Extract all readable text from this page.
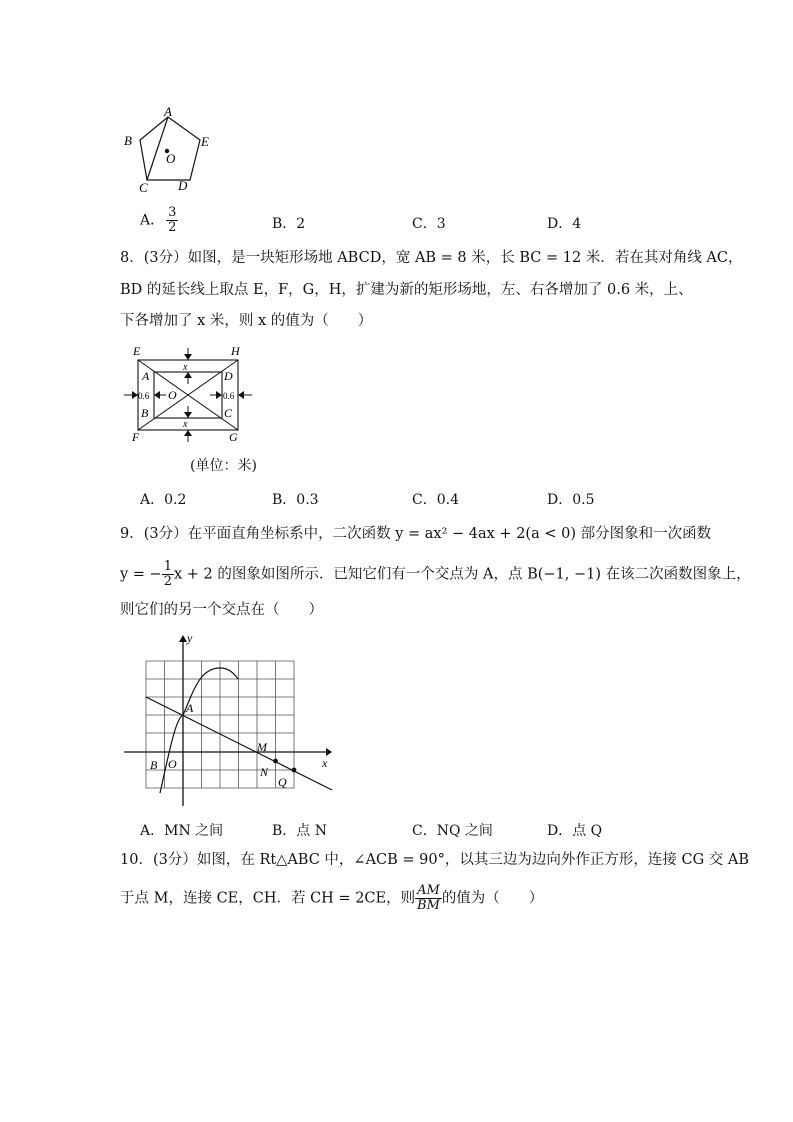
A
B	E
C D
O
A． $\frac{3}{2}$	B．2	C．3	D．4
8．(3分）如图，是一块矩形场地 ABCD，宽 AB = 8 米，长 BC = 12 米．若在其对角线 AC，
BD 的延长线上取点 E，F，G，H，扩建为新的矩形场地，左、右各增加了 0.6 米，上、
下各增加了 x 米，则 x 的值为（　　）
E	H
A	D
B	C
F	G
O
x
x
0.6	0.6
(单位：米)
A．0.2	B．0.3	C．0.4	D．0.5
9．(3分）在平面直角坐标系中，二次函数 y = ax² − 4ax + 2(a < 0) 部分图象和一次函数
y = − $\frac{1}{2}$ x + 2 的图象如图所示．已知它们有一个交点为 A，点 B(−1, −1) 在该二次函数图象上，
则它们的另一个交点在（　　）
y
x
O
A
B
M
N
Q
A．MN 之间	B．点 N	C．NQ 之间	D．点 Q
10．(3分）如图，在 Rt△ABC 中，∠ACB = 90°，以其三边为边向外作正方形，连接 CG 交 AB
于点 M，连接 CE，CH．若 CH = 2CE，则 $\frac{AM}{BM}$ 的值为（　　）
